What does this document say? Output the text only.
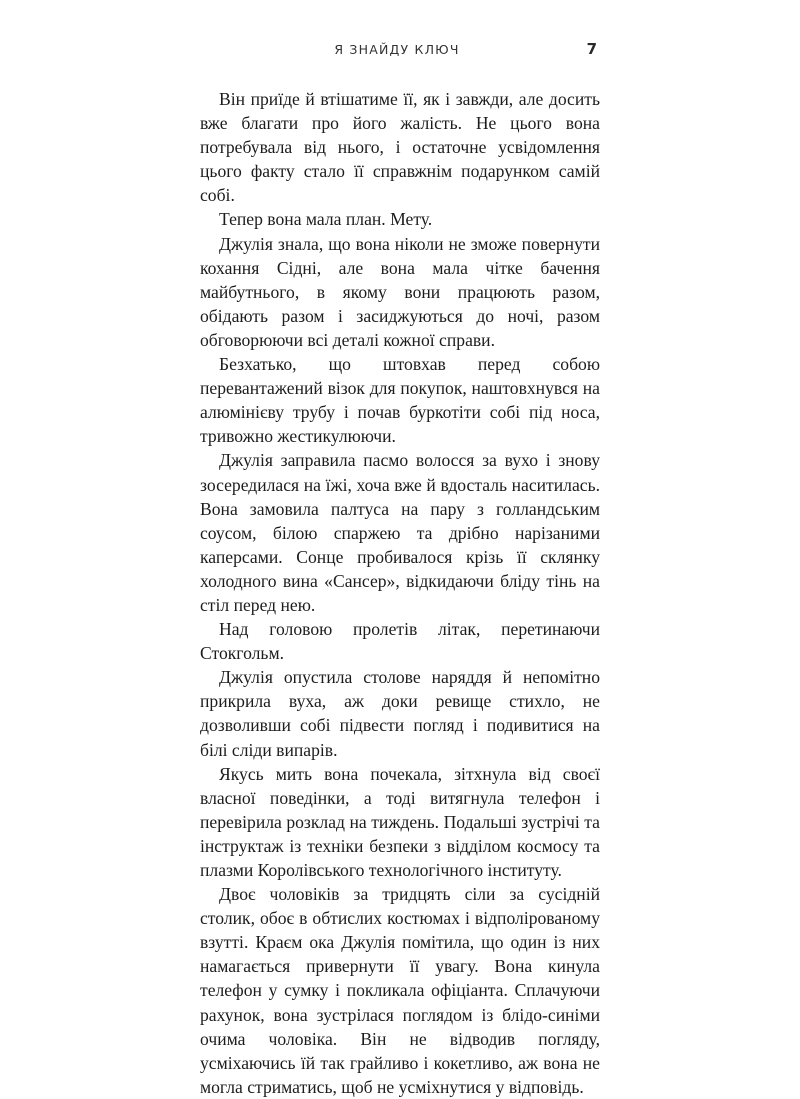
Я ЗНАЙДУ КЛЮЧ	7

Він приїде й втішатиме її, як і завжди, але досить вже благати про його жалість. Не цього вона потребувала від нього, і остаточне усвідомлення цього факту стало її справжнім подарунком самій собі.

Тепер вона мала план. Мету.

Джулія знала, що вона ніколи не зможе повернути кохання Сідні, але вона мала чітке бачення майбутнього, в якому вони працюють разом, обідають разом і засиджуються до ночі, разом обговорюючи всі деталі кожної справи.

Безхатько, що штовхав перед собою перевантажений візок для покупок, наштовхнувся на алюмінієву трубу і почав буркотіти собі під носа, тривожно жестикулюючи.

Джулія заправила пасмо волосся за вухо і знову зосередилася на їжі, хоча вже й вдосталь наситилась. Вона замовила палтуса на пару з голландським соусом, білою спаржею та дрібно нарізаними каперсами. Сонце пробивалося крізь її склянку холодного вина «Сансер», відкидаючи бліду тінь на стіл перед нею.

Над головою пролетів літак, перетинаючи Стокгольм.

Джулія опустила столове наряддя й непомітно прикрила вуха, аж доки ревище стихло, не дозволивши собі підвести погляд і подивитися на білі сліди випарів.

Якусь мить вона почекала, зітхнула від своєї власної поведінки, а тоді витягнула телефон і перевірила розклад на тиждень. Подальші зустрічі та інструктаж із техніки безпеки з відділом космосу та плазми Королівського технологічного інституту.

Двоє чоловіків за тридцять сіли за сусідній столик, обоє в обтислих костюмах і відполірованому взутті. Краєм ока Джулія помітила, що один із них намагається привернути її увагу. Вона кинула телефон у сумку і покликала офіціанта. Сплачуючи рахунок, вона зустрілася поглядом із блідо-синіми очима чоловіка. Він не відводив погляду, усміхаючись їй так грайливо і кокетливо, аж вона не могла стриматись, щоб не усміхнутися у відповідь.
